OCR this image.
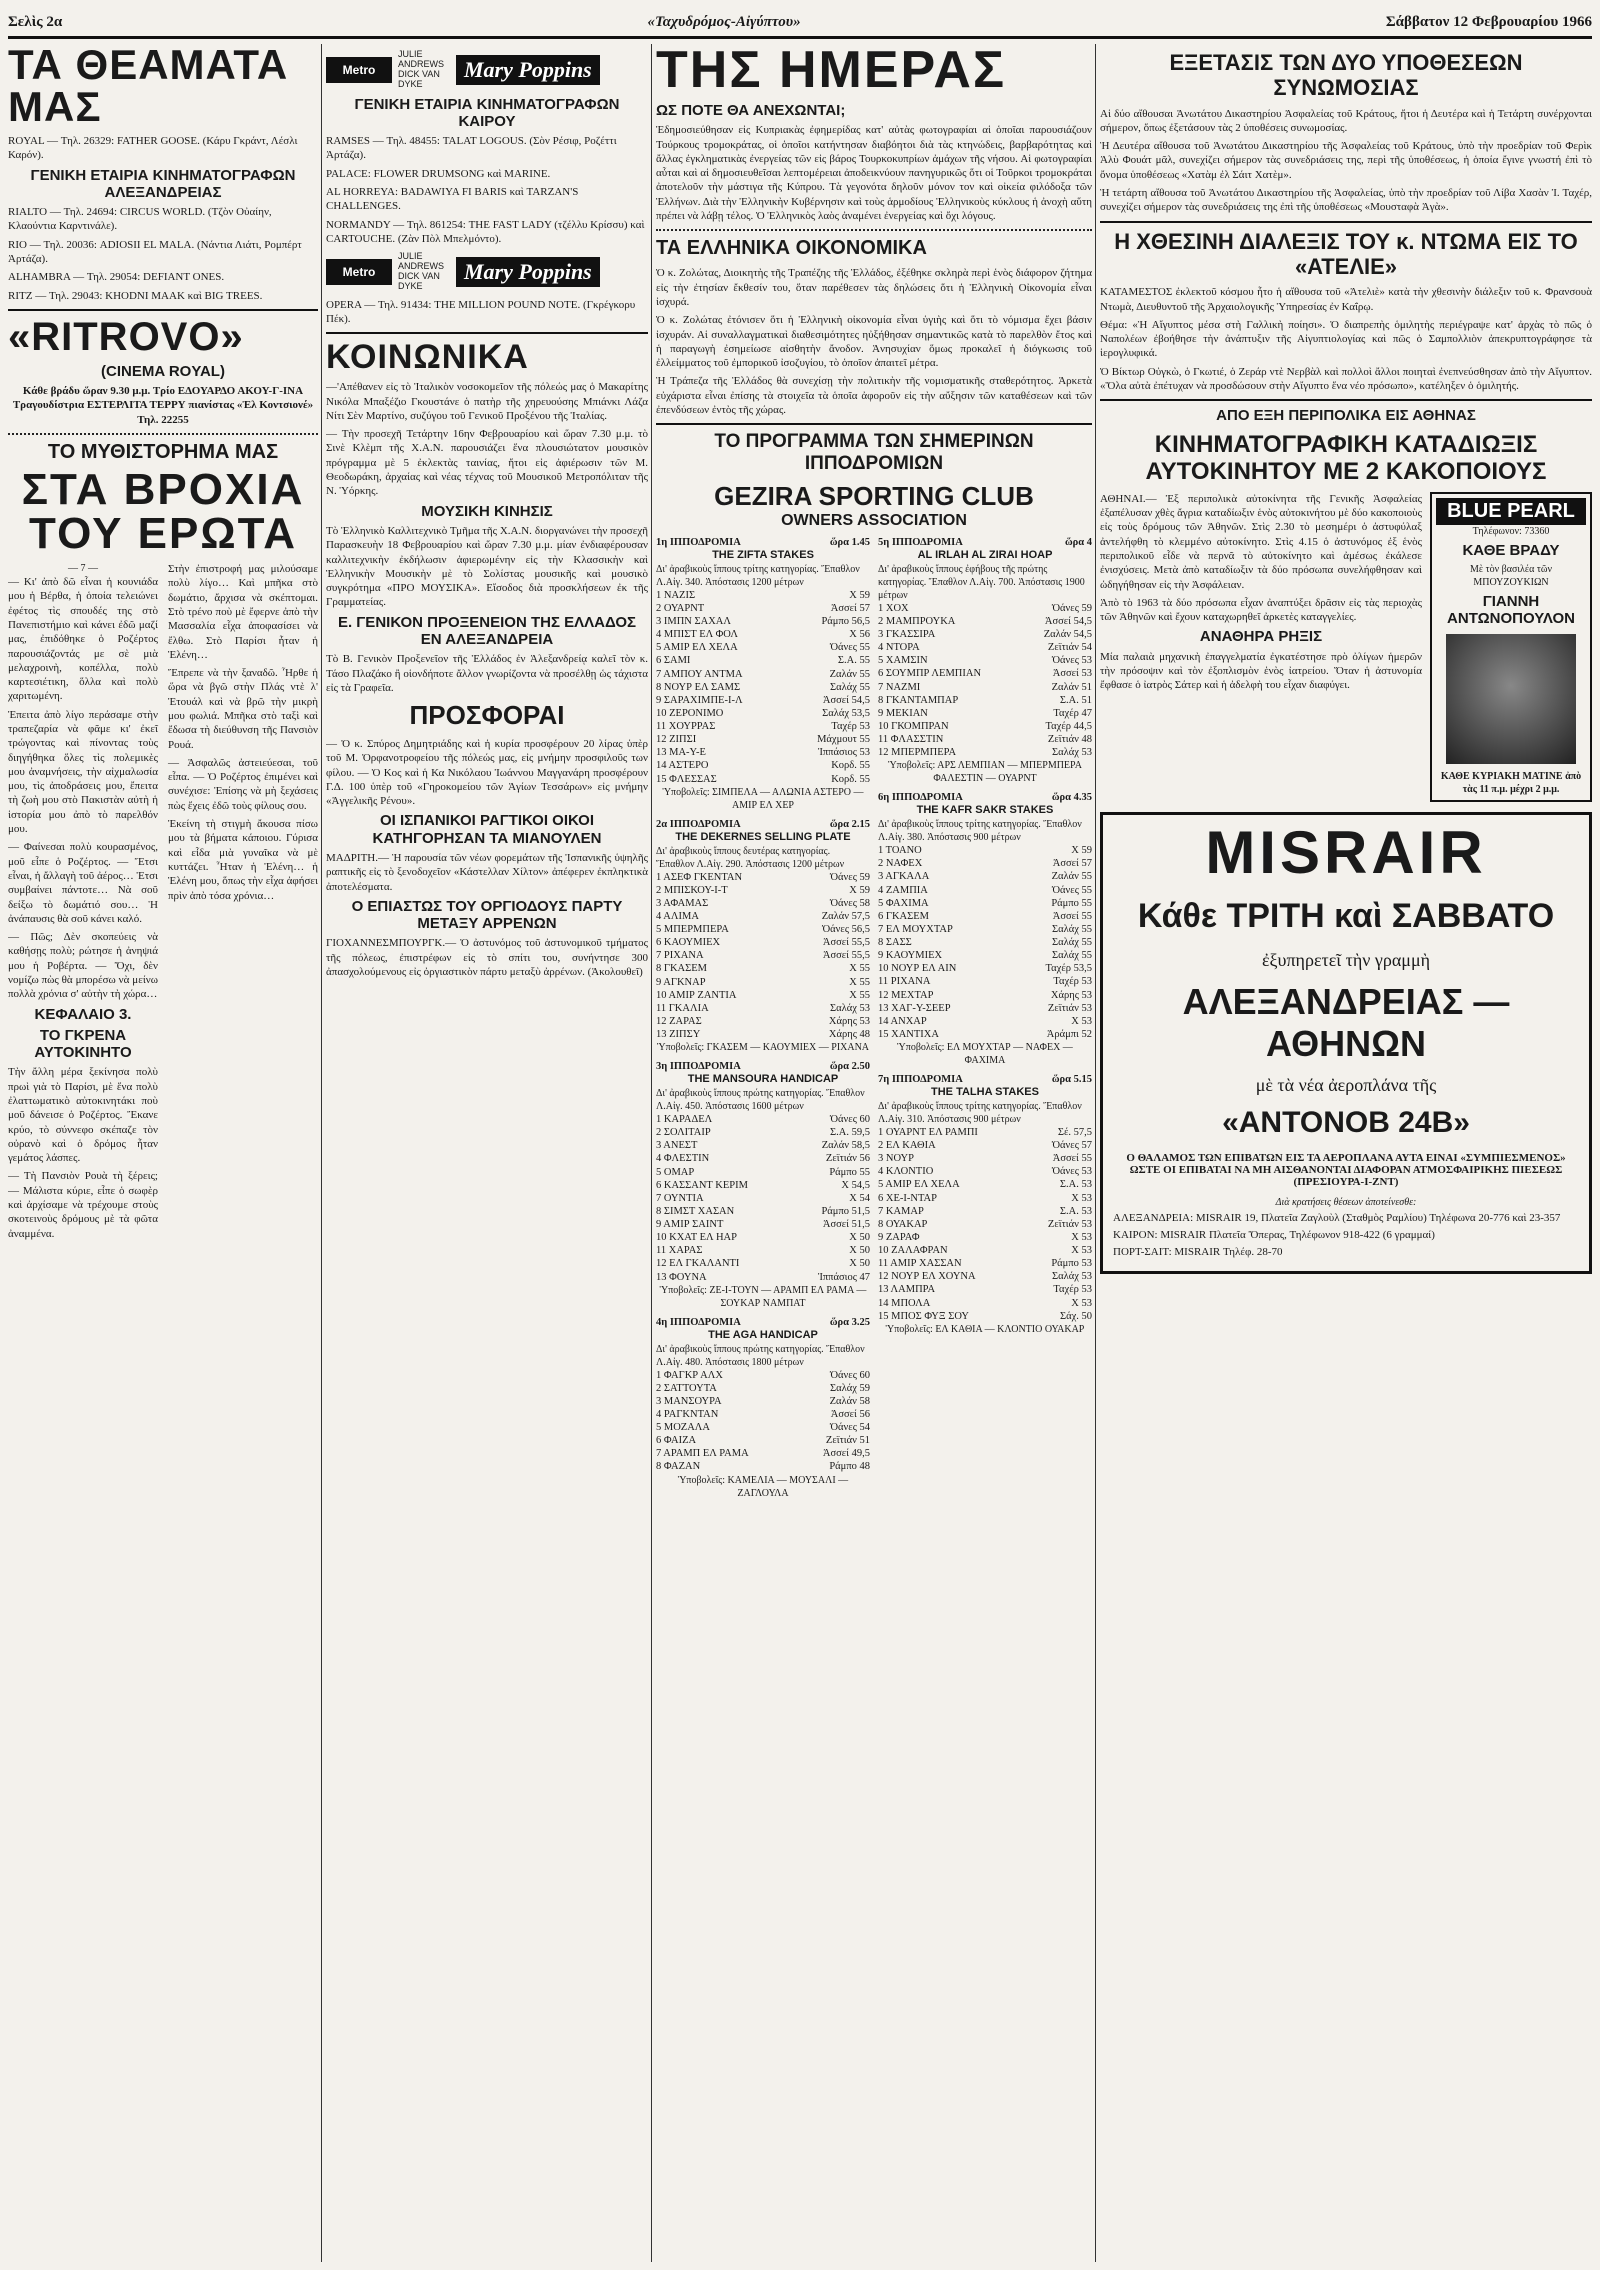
Σελὶς 2α	«Ταχυδρόμος-Αἰγύπτου»	Σάββατον 12 Φεβρουαρίου 1966
ΤΑ ΘΕΑΜΑΤΑ ΜΑΣ
ROYAL — Τηλ. 26329: FATHER GOOSE. (Κάρυ Γκράντ, Λέσλι Καρόν).
ΓΕΝΙΚΗ ΕΤΑΙΡΙΑ ΚΙΝΗΜΑΤΟΓΡΑΦΩΝ ΑΛΕΞΑΝΔΡΕΙΑΣ
RIALTO — Τηλ. 24694: CIRCUS WORLD. (Τζὸν Οὐαίην, Κλαούντια Καρντινάλε).
RIO — Τηλ. 20036: ADIOSII EL MALA. (Νάντια Λιάτι, Ρομπέρτ Ἀρτάζα).
ALHAMBRA — Τηλ. 29054: DEFIANT ONES.
RITZ — Τηλ. 29043: KHODNI MAAK καὶ BIG TREES.
«RITROVO»
(CINEMA ROYAL)
Κάθε βράδυ ὥραν 9.30 μ.μ. Τρίο ΕΔΟΥΑΡΔΟ ΑΚΟΥ-Γ-ΙΝΑ Τραγουδίστρια ΕΣΤΕΡΛΙΤΑ ΤΕΡΡΥ πιανίστας «Ἐλ Κοντσιονέ» Τηλ. 22255
ΤΟ ΜΥΘΙΣΤΟΡΗΜΑ ΜΑΣ
ΣΤΑ ΒΡΟΧΙΑ ΤΟΥ ΕΡΩΤΑ
— 7 —

— Κι' ἀπὸ δῶ εἶναι ἡ κουνιάδα μου ἡ Βέρθα, ἡ ὁποία τελειώνει ἐφέτος τὶς σπουδές της στὸ Πανεπιστήμιο καὶ κάνει ἐδῶ μαζί μας, ἐπιδόθηκε ὁ Ροζέρτος παρουσιάζοντάς με σὲ μιὰ μελαχροινὴ, κοπέλλα, πολὺ καρτεσιέτικη, ὅλλα καὶ πολὺ χαριτωμένη.

Ἐπειτα ἀπὸ λίγο περάσαμε στὴν τραπεζαρία νὰ φᾶμε κι' ἐκεῖ τρώγοντας καὶ πίνοντας τοὺς διηγήθηκα ὅλες τὶς πολεμικὲς μου ἀναμνήσεις, τὴν αἰχμαλωσία μου, τὶς ἀποδράσεις μου, ἔπειτα τὴ ζωὴ μου στὸ Πακιστὰν αὐτὴ ἡ ἱστορία μου ἀπὸ τὸ παρελθόν μου.

— Φαίνεσαι πολὺ κουρασμένος, μοῦ εἶπε ὁ Ροζέρτος. — Ἔτσι εἶναι, ἡ ἄλλαγὴ τοῦ ἀέρος… Ἐτσι συμβαίνει πάντοτε… Νὰ σοῦ δείξω τὸ δωμάτιό σου… Ἡ ἀνάπαυσις θὰ σοῦ κάνει καλό.

— Πῶς; Δὲν σκοπεύεις νὰ καθήσῃς πολὺ; ρώτησε ἡ ἀνηψιά μου ἡ Ροβέρτα. — Ὄχι, δὲν νομίζω πὼς θὰ μπορέσω νὰ μείνω πολλὰ χρόνια σ' αὐτὴν τὴ χώρα…

ΚΕΦΑΛΑΙΟ 3.
ΤΟ ΓΚΡΕΝΑ ΑΥΤΟΚΙΝΗΤΟ

Τὴν ἄλλη μέρα ξεκίνησα πολὺ πρωὶ γιὰ τὸ Παρίσι, μὲ ἕνα πολὺ ἐλαττωματικὸ αὐτοκινητάκι ποὺ μοῦ δάνεισε ὁ Ροζέρτος. Ἔκανε κρύο, τὸ σύννεφο σκέπαζε τὸν οὐρανὸ καὶ ὁ δρόμος ἦταν γεμάτος λάσπες.

— Τὴ Πανσιὸν Ρουὰ τὴ ξέρεις; — Μάλιστα κύριε, εἶπε ὁ σωφὲρ καὶ ἀρχίσαμε νὰ τρέχουμε στοὺς σκοτεινοὺς δρόμους μὲ τὰ φῶτα ἀναμμένα.

Στὴν ἐπιστροφή μας μιλούσαμε πολὺ λίγο… Καὶ μπῆκα στὸ δωμάτιο, ἄρχισα νὰ σκέπτομαι. Στὸ τρένο ποὺ μὲ ἔφερνε ἀπὸ τὴν Μασσαλία εἶχα ἀποφασίσει νὰ ἔλθω. Στὸ Παρίσι ἦταν ἡ Ἑλένη…

Ἔπρεπε νὰ τὴν ξαναδῶ. Ἦρθε ἡ ὥρα νὰ βγῶ στὴν Πλάς ντὲ λ' Ἐτουάλ καὶ νὰ βρῶ τὴν μικρὴ μου φωλιά. Μπῆκα στὸ ταξὶ καὶ ἔδωσα τὴ διεύθυνση τῆς Πανσιὸν Ρουά.

— Ἀσφαλῶς ἀστειεύεσαι, τοῦ εἶπα. — Ὁ Ροζέρτος ἐπιμένει καὶ συνέχισε: Ἐπίσης νὰ μὴ ξεχάσεις πὼς ἔχεις ἐδῶ τοὺς φίλους σου.

Ἐκείνη τὴ στιγμὴ ἄκουσα πίσω μου τὰ βήματα κάποιου. Γύρισα καὶ εἶδα μιὰ γυναῖκα νὰ μὲ κυττάζει. Ἦταν ἡ Ἑλένη… ἡ Ἑλένη μου, ὅπως τὴν εἶχα ἀφήσει πρὶν ἀπὸ τόσα χρόνια…

Metro
JULIE ANDREWS DICK VAN DYKE
Mary Poppins
ΓΕΝΙΚΗ ΕΤΑΙΡΙΑ ΚΙΝΗΜΑΤΟΓΡΑΦΩΝ ΚΑΙΡΟΥ
RAMSES — Τηλ. 48455: TALAT LOGOUS. (Σὸν Ρέσιφ, Ροζέττι Ἀρτάζα).
PALACE: FLOWER DRUMSONG καὶ MARINE.
AL HORREYA: BADAWIYA FI BARIS καὶ TARZAN'S CHALLENGES.
NORMANDY — Τηλ. 861254: THE FAST LADY (τζέλλυ Κρίσσυ) καὶ CARTOUCHE. (Ζὰν Πὸλ Μπελμόντο).
Metro
JULIE ANDREWS DICK VAN DYKE
Mary Poppins
OPERA — Τηλ. 91434: THE MILLION POUND NOTE. (Γκρέγκορυ Πέκ).
ΚΟΙΝΩΝΙΚΑ

—'Απέθανεν εἰς τὸ Ἰταλικὸν νοσοκομεῖον τῆς πόλεώς μας ὁ Μακαρίτης Νικόλα Μπαξέζιο Γκουστάνε ὁ πατὴρ τῆς χηρευούσης Μπιάνκι Λάζα Νίτι Σὲν Μαρτίνο, συζύγου τοῦ Γενικοῦ Προξένου τῆς Ἰταλίας.

— Τὴν προσεχῆ Τετάρτην 16ην Φεβρουαρίου καὶ ὥραν 7.30 μ.μ. τὸ Σινὲ Κλὲμπ τῆς Χ.Α.Ν. παρουσιάζει ἕνα πλουσιώτατον μουσικὸν πρόγραμμα μὲ 5 ἐκλεκτὰς ταινίας, ἤτοι εἰς ἀφιέρωσιν τῶν Μ. Θεοδωράκη, ἀρχαίας καὶ νέας τέχνας τοῦ Μουσικοῦ Μετροπόλιταν τῆς Ν. Ὑόρκης.

ΜΟΥΣΙΚΗ ΚΙΝΗΣΙΣ

Τὸ Ἑλληνικὸ Καλλιτεχνικὸ Τμῆμα τῆς Χ.Α.Ν. διοργανώνει τὴν προσεχῆ Παρασκευὴν 18 Φεβρουαρίου καὶ ὥραν 7.30 μ.μ. μίαν ἐνδιαφέρουσαν καλλιτεχνικὴν ἐκδήλωσιν ἀφιερωμένην εἰς τὴν Κλασσικὴν καὶ Ἑλληνικὴν Μουσικὴν μὲ τὸ Σολίστας μουσικῆς καὶ μουσικὸ συγκρότημα «ΠΡΟ ΜΟΥΣΙΚΑ». Εἴσοδος διὰ προσκλήσεων ἐκ τῆς Γραμματείας.

Ε. ΓΕΝΙΚΟΝ ΠΡΟΞΕΝΕΙΟΝ ΤΗΣ ΕΛΛΑΔΟΣ ΕΝ ΑΛΕΞΑΝΔΡΕΙΑ

Τὸ Β. Γενικὸν Προξενεῖον τῆς Ἑλλάδος ἐν Ἀλεξανδρείᾳ καλεῖ τὸν κ. Τάσο Πλαζάκο ἢ οἱονδήποτε ἄλλον γνωρίζοντα νὰ προσέλθῃ ὡς τάχιστα εἰς τὰ Γραφεῖα.

ΠΡΟΣΦΟΡΑΙ

— Ὁ κ. Σπύρος Δημητριάδης καὶ ἡ κυρία προσφέρουν 20 λίρας ὑπὲρ τοῦ Μ. Ὀρφανοτροφείου τῆς πόλεώς μας, εἰς μνήμην προσφιλοῦς των φίλου. — Ὁ Κος καὶ ἡ Κα Νικόλαου Ἰωάννου Μαγγανάρη προσφέρουν Γ.Δ. 100 ὑπὲρ τοῦ «Γηροκομείου τῶν Ἀγίων Τεσσάρων» εἰς μνήμην «Ἀγγελικῆς Ρένου».

ΟΙ ΙΣΠΑΝΙΚΟΙ ΡΑΓΤΙΚΟΙ ΟΙΚΟΙ ΚΑΤΗΓΟΡΗΣΑΝ ΤΑ ΜΙΑΝΟΥΛΕΝ

ΜΑΔΡΙΤΗ.— Ἡ παρουσία τῶν νέων φορεμάτων τῆς Ἱσπανικῆς ὑψηλῆς ραπτικῆς εἰς τὸ ξενοδοχεῖον «Κάστελλαν Χίλτον» ἀπέφερεν ἐκπληκτικὰ ἀποτελέσματα.

Ο ΕΠΙΑΣΤΩΣ ΤΟΥ ΟΡΓΙΟΔΟΥΣ ΠΑΡΤΥ ΜΕΤΑΞΥ ΑΡΡΕΝΩΝ

ΓΙΟΧΑΝΝΕΣΜΠΟΥΡΓΚ.— Ὁ ἀστυνόμος τοῦ ἀστυνομικοῦ τμήματος τῆς πόλεως, ἐπιστρέφων εἰς τὸ σπίτι του, συνήντησε 300 ἀπασχολούμενους εἰς ὀργιαστικὸν πάρτυ μεταξὺ ἀρρένων. (Ἀκολουθεῖ)

ΤΗΣ ΗΜΕΡΑΣ
ΩΣ ΠΟΤΕ ΘΑ ΑΝΕΧΩΝΤΑΙ;

Ἐδημοσιεύθησαν εἰς Κυπριακὰς ἐφημερίδας κατ' αὐτὰς φωτογραφίαι αἱ ὁποῖαι παρουσιάζουν Τούρκους τρομοκράτας, οἱ ὁποῖοι κατήντησαν διαβόητοι διὰ τὰς κτηνώδεις, βαρβαρότητας καὶ ἄλλας ἐγκληματικὰς ἐνεργείας τῶν εἰς βάρος Τουρκοκυπρίων ἀμάχων τῆς νήσου. Αἱ φωτογραφίαι αὗται καὶ αἱ δημοσιευθεῖσαι λεπτομέρειαι ἀποδεικνύουν πανηγυρικῶς ὅτι οἱ Τοῦρκοι τρομοκράται ἀποτελοῦν τὴν μάστιγα τῆς Κύπρου. Τὰ γεγονότα δηλοῦν μόνον τον καὶ οἰκεία φιλόδοξα τῶν Ἑλλήνων. Διὰ τὴν Ἑλληνικὴν Κυβέρνησιν καὶ τοὺς ἁρμοδίους Ἑλληνικοὺς κύκλους ἡ ἀνοχὴ αὕτη πρέπει νὰ λάβῃ τέλος. Ὁ Ἑλληνικὸς λαὸς ἀναμένει ἐνεργείας καὶ ὄχι λόγους.

ΤΑ ΕΛΛΗΝΙΚΑ ΟΙΚΟΝΟΜΙΚΑ

Ὁ κ. Ζολώτας, Διοικητὴς τῆς Τραπέζης τῆς Ἑλλάδος, ἐξέθηκε σκληρὰ περὶ ἑνὸς διάφορον ζήτημα εἰς τὴν ἐτησίαν ἔκθεσίν του, ὅταν παρέθεσεν τὰς δηλώσεις ὅτι ἡ Ἑλληνικὴ Οἰκονομία εἶναι ἰσχυρά.

Ὁ κ. Ζολώτας ἐτόνισεν ὅτι ἡ Ἑλληνικὴ οἰκονομία εἶναι ὑγιὴς καὶ ὅτι τὸ νόμισμα ἔχει βάσιν ἰσχυράν. Αἱ συναλλαγματικαὶ διαθεσιμότητες ηὐξήθησαν σημαντικῶς κατὰ τὸ παρελθὸν ἔτος καὶ ἡ παραγωγὴ ἐσημείωσε αἰσθητὴν ἄνοδον. Ἀνησυχίαν ὅμως προκαλεῖ ἡ διόγκωσις τοῦ ἐλλείμματος τοῦ ἐμπορικοῦ ἰσοζυγίου, τὸ ὁποῖον ἀπαιτεῖ μέτρα.

Ἡ Τράπεζα τῆς Ἑλλάδος θὰ συνεχίσῃ τὴν πολιτικὴν τῆς νομισματικῆς σταθερότητος. Ἀρκετὰ εὐχάριστα εἶναι ἐπίσης τὰ στοιχεῖα τὰ ὁποῖα ἀφοροῦν εἰς τὴν αὔξησιν τῶν καταθέσεων καὶ τῶν ἐπενδύσεων ἐντὸς τῆς χώρας.

ΤΟ ΠΡΟΓΡΑΜΜΑ ΤΩΝ ΣΗΜΕΡΙΝΩΝ ΙΠΠΟΔΡΟΜΙΩΝ
GEZIRA SPORTING CLUB
OWNERS ASSOCIATION
1η ΙΠΠΟΔΡΟΜΙΑ	ὥρα 1.45
THE ZIFTA STAKES
Δι' ἀραβικοὺς ἵππους τρίτης κατηγορίας. Ἔπαθλον Λ.Αἰγ. 340. Ἀπόστασις 1200 μέτρων
1 ΝΑΖΙΣ	Χ 59
2 ΟΥΑΡΝΤ	Ἀσσεί 57
3 ΙΜΠΝ ΣΑΧΑΛ	Ράμπο 56,5
4 ΜΠΙΣΤ ΕΛ ΦΟΛ	Χ 56
5 ΑΜΙΡ ΕΛ ΧΕΛΑ	Ὀάνες 55
6 ΣΑΜΙ	Σ.Α. 55
7 ΑΜΠΟΥ ΑΝΤΜΑ	Ζαλάν 55
8 ΝΟΥΡ ΕΛ ΣΑΜΣ	Σαλάχ 55
9 ΣΑΡΑΧΙΜΠΕ-Ι-Λ	Ἀσσεί 54,5
10 ΖΕΡΟΝΙΜΟ	Σαλάχ 53,5
11 ΧΟΥΡΡΑΣ	Ταχέρ 53
12 ΖΙΠΣΙ	Μάχμουτ 55
13 ΜΑ-Υ-Ε	Ἰππάσιος 53
14 ΑΣΤΕΡΟ	Κορδ. 55
15 ΦΛΕΣΣΑΣ	Κορδ. 55
Ὑποβολεῖς: ΣΙΜΠΕΛΑ — ΑΛΩΝΙΑ ΑΣΤΕΡΟ — ΑΜΙΡ ΕΛ ΧΕΡ
2α ΙΠΠΟΔΡΟΜΙΑ	ὥρα 2.15
THE DEKERNES SELLING PLATE
Δι' ἀραβικοὺς ἵππους δευτέρας κατηγορίας. Ἔπαθλον Λ.Αἰγ. 290. Ἀπόστασις 1200 μέτρων
1 ΑΣΕΦ ΓΚΕΝΤΑΝ	Ὀάνες 59
2 ΜΠΙΣΚΟΥ-Ι-Τ	Χ 59
3 ΑΦΑΜΑΣ	Ὀάνες 58
4 ΑΛΙΜΑ	Ζαλάν 57,5
5 ΜΠΕΡΜΠΕΡΑ	Ὀάνες 56,5
6 ΚΑΟΥΜΙΕΧ	Ἀσσεί 55,5
7 ΡΙΧΑΝΑ	Ἀσσεί 55,5
8 ΓΚΑΣΕΜ	Χ 55
9 ΑΓΚΝΑΡ	Χ 55
10 ΑΜΙΡ ΖΑΝΤΙΑ	Χ 55
11 ΓΚΑΛΙΑ	Σαλάχ 53
12 ΖΑΡΑΣ	Χάρης 53
13 ΖΙΠΣΥ	Χάρης 48
Ὑποβολεῖς: ΓΚΑΣΕΜ — ΚΑΟΥΜΙΕΧ — ΡΙΧΑΝΑ
3η ΙΠΠΟΔΡΟΜΙΑ	ὥρα 2.50
THE MANSOURA HANDICAP
Δι' ἀραβικοὺς ἵππους πρώτης κατηγορίας. Ἔπαθλον Λ.Αἰγ. 450. Ἀπόστασις 1600 μέτρων
1 ΚΑΡΑΔΕΛ	Ὀάνες 60
2 ΣΟΛΙΤΑΙΡ	Σ.Α. 59,5
3 ΑΝΕΣΤ	Ζαλάν 58,5
4 ΦΛΕΣΤΙΝ	Ζεϊτιάν 56
5 ΟΜΑΡ	Ράμπο 55
6 ΚΑΣΣΑΝΤ ΚΕΡΙΜ	Χ 54,5
7 ΟΥΝΤΙΑ	Χ 54
8 ΣΙΜΣΤ ΧΑΣΑΝ	Ράμπο 51,5
9 ΑΜΙΡ ΣΑΙΝΤ	Ἀσσεί 51,5
10 ΚΧΑΤ ΕΛ ΗΑΡ	Χ 50
11 ΧΑΡΑΣ	Χ 50
12 ΕΛ ΓΚΑΛΑΝΤΙ	Χ 50
13 ΦΟΥΝΑ	Ἰππάσιος 47
Ὑποβολεῖς: ΖΕ-Ι-ΤΟΥΝ — ΑΡΑΜΠ ΕΛ ΡΑΜΑ — ΣΟΥΚΑΡ ΝΑΜΠΑΤ
4η ΙΠΠΟΔΡΟΜΙΑ	ὥρα 3.25
THE AGA HANDICAP
Δι' ἀραβικοὺς ἵππους πρώτης κατηγορίας. Ἔπαθλον Λ.Αἰγ. 480. Ἀπόστασις 1800 μέτρων
1 ΦΑΓΚΡ ΑΛΧ	Ὀάνες 60
2 ΣΑΤΤΟΥΤΑ	Σαλάχ 59
3 ΜΑΝΣΟΥΡΑ	Ζαλάν 58
4 ΡΑΓΚΝΤΑΝ	Ἀσσεί 56
5 ΜΟΖΑΛΑ	Ὀάνες 54
6 ΦΑΙΖΑ	Ζεϊτιάν 51
7 ΑΡΑΜΠ ΕΛ ΡΑΜΑ	Ἀσσεί 49,5
8 ΦΑΖΑΝ	Ράμπο 48
Ὑποβολεῖς: ΚΑΜΕΛΙΑ — ΜΟΥΣΑΛΙ — ΖΑΓΛΟΥΛΑ
5η ΙΠΠΟΔΡΟΜΙΑ	ὥρα 4
AL IRLAH AL ZIRAI HOAP
Δι' ἀραβικοὺς ἵππους ἐφήβους τῆς πρώτης κατηγορίας. Ἔπαθλον Λ.Αἰγ. 700. Ἀπόστασις 1900 μέτρων
1 ΧΟΧ	Ὀάνες 59
2 ΜΑΜΠΡΟΥΚΑ	Ἀσσεί 54,5
3 ΓΚΑΣΣΙΡΑ	Ζαλάν 54,5
4 ΝΤΟΡΑ	Ζεϊτιάν 54
5 ΧΑΜΣΙΝ	Ὀάνες 53
6 ΣΟΥΜΠΡ ΛΕΜΠΙΑΝ	Ἀσσεί 53
7 ΝΑΖΜΙ	Ζαλάν 51
8 ΓΚΑΝΤΑΜΠΑΡ	Σ.Α. 51
9 ΜΕΚΙΑΝ	Ταχέρ 47
10 ΓΚΟΜΠΡΑΝ	Ταχέρ 44,5
11 ΦΛΑΣΣΤΙΝ	Ζεϊτιάν 48
12 ΜΠΕΡΜΠΕΡΑ	Σαλάχ 53
Ὑποβολεῖς: ΑΡΣ ΛΕΜΠΙΑΝ — ΜΠΕΡΜΠΕΡΑ ΦΑΛΕΣΤΙΝ — ΟΥΑΡΝΤ
6η ΙΠΠΟΔΡΟΜΙΑ	ὥρα 4.35
THE KAFR SAKR STAKES
Δι' ἀραβικοὺς ἵππους τρίτης κατηγορίας. Ἔπαθλον Λ.Αἰγ. 380. Ἀπόστασις 900 μέτρων
1 ΤΟΑΝΟ	Χ 59
2 ΝΑΦΕΧ	Ἀσσεί 57
3 ΑΓΚΑΛΑ	Ζαλάν 55
4 ΖΑΜΠΙΑ	Ὀάνες 55
5 ΦΑΧΙΜΑ	Ράμπο 55
6 ΓΚΑΣΕΜ	Ἀσσεί 55
7 ΕΛ ΜΟΥΧΤΑΡ	Σαλάχ 55
8 ΣΑΣΣ	Σαλάχ 55
9 ΚΑΟΥΜΙΕΧ	Σαλάχ 55
10 ΝΟΥΡ ΕΛ ΑΙΝ	Ταχέρ 53,5
11 ΡΙΧΑΝΑ	Ταχέρ 53
12 ΜΕΧΤΑΡ	Χάρης 53
13 ΧΑΓ-Υ-ΣΕΕΡ	Ζεϊτιάν 53
14 ΑΝΧΑΡ	Χ 53
15 ΧΑΝΤΙΧΑ	Ἀράμπι 52
Ὑποβολεῖς: ΕΛ ΜΟΥΧΤΑΡ — ΝΑΦΕΧ — ΦΑΧΙΜΑ
7η ΙΠΠΟΔΡΟΜΙΑ	ὥρα 5.15
THE TALHA STAKES
Δι' ἀραβικοὺς ἵππους τρίτης κατηγορίας. Ἔπαθλον Λ.Αἰγ. 310. Ἀπόστασις 900 μέτρων
1 ΟΥΑΡΝΤ ΕΛ ΡΑΜΠΙ	Σέ. 57,5
2 ΕΛ ΚΑΘΙΑ	Ὀάνες 57
3 ΝΟΥΡ	Ἀσσεί 55
4 ΚΛΟΝΤΙΟ	Ὀάνες 53
5 ΑΜΙΡ ΕΛ ΧΕΛΑ	Σ.Α. 53
6 ΧΕ-Ι-ΝΤΑΡ	Χ 53
7 ΚΑΜΑΡ	Σ.Α. 53
8 ΟΥΑΚΑΡ	Ζεϊτιάν 53
9 ΖΑΡΑΦ	Χ 53
10 ΖΑΛΑΦΡΑΝ	Χ 53
11 ΑΜΙΡ ΧΑΣΣΑΝ	Ράμπο 53
12 ΝΟΥΡ ΕΛ ΧΟΥΝΑ	Σαλάχ 53
13 ΛΑΜΠΡΑ	Ταχέρ 53
14 ΜΠΟΛΑ	Χ 53
15 ΜΠΟΣ ΦΥΞ ΣΟΥ	Σάχ. 50
Ὑποβολεῖς: ΕΛ ΚΑΘΙΑ — ΚΛΟΝΤΙΟ ΟΥΑΚΑΡ
ΕΞΕΤΑΣΙΣ ΤΩΝ ΔΥΟ ΥΠΟΘΕΣΕΩΝ ΣΥΝΩΜΟΣΙΑΣ

Αἱ δύο αἴθουσαι Ἀνωτάτου Δικαστηρίου Ἀσφαλείας τοῦ Κράτους, ἤτοι ἡ Δευτέρα καὶ ἡ Τετάρτη συνέρχονται σήμερον, ὅπως ἐξετάσουν τὰς 2 ὑποθέσεις συνωμοσίας.

Ἡ Δευτέρα αἴθουσα τοῦ Ἀνωτάτου Δικαστηρίου τῆς Ἀσφαλείας τοῦ Κράτους, ὑπὸ τὴν προεδρίαν τοῦ Φερὶκ Ἀλὺ Φουάτ μᾶλ, συνεχίζει σήμερον τὰς συνεδριάσεις της, περὶ τῆς ὑποθέσεως, ἡ ὁποία ἔγινε γνωστή ἐπὶ τὸ ὄνομα ὑποθέσεως «Χατὰμ ἐλ Σάιτ Χατὲμ».

Ἡ τετάρτη αἴθουσα τοῦ Ἀνωτάτου Δικαστηρίου τῆς Ἀσφαλείας, ὑπὸ τὴν προεδρίαν τοῦ Λίβα Χασὰν Ἰ. Ταχέρ, συνεχίζει σήμερον τὰς συνεδριάσεις της ἐπὶ τῆς ὑποθέσεως «Μουσταφὰ Ἀγὰ».

Η ΧΘΕΣΙΝΗ ΔΙΑΛΕΞΙΣ ΤΟΥ κ. ΝΤΩΜΑ ΕΙΣ ΤΟ «ΑΤΕΛΙΕ»

ΚΑΤΑΜΕΣΤΟΣ ἐκλεκτοῦ κόσμου ἦτο ἡ αἴθουσα τοῦ «Ἀτελιὲ» κατὰ τὴν χθεσινὴν διάλεξιν τοῦ κ. Φρανσουὰ Ντωμὰ, Διευθυντοῦ τῆς Ἀρχαιολογικῆς Ὑπηρεσίας ἐν Καΐρῳ.

Θέμα: «Ἡ Αἴγυπτος μέσα στὴ Γαλλικὴ ποίησι». Ὁ διαπρεπὴς ὁμιλητὴς περιέγραψε κατ' ἀρχὰς τὸ πῶς ὁ Ναπολέων ἐβοήθησε τὴν ἀνάπτυξιν τῆς Αἰγυπτιολογίας καὶ πῶς ὁ Σαμπολλιὸν ἀπεκρυπτογράφησε τὰ ἱερογλυφικά.

Ὁ Βίκτωρ Οὐγκὼ, ὁ Γκωτιέ, ὁ Ζεράρ ντὲ Νερβὰλ καὶ πολλοὶ ἄλλοι ποιηταὶ ἐνεπνεύσθησαν ἀπὸ τὴν Αἴγυπτον. «Ὅλα αὐτὰ ἐπέτυχαν νὰ προσδώσουν στὴν Αἴγυπτο ἕνα νέο πρόσωπο», κατέληξεν ὁ ὁμιλητής.

ΑΠΟ ΕΞΗ ΠΕΡΙΠΟΛΙΚΑ ΕΙΣ ΑΘΗΝΑΣ
ΚΙΝΗΜΑΤΟΓΡΑΦΙΚΗ ΚΑΤΑΔΙΩΞΙΣ ΑΥΤΟΚΙΝΗΤΟΥ ΜΕ 2 ΚΑΚΟΠΟΙΟΥΣ

ΑΘΗΝΑΙ.— Ἐξ περιπολικὰ αὐτοκίνητα τῆς Γενικῆς Ἀσφαλείας ἐξαπέλυσαν χθὲς ἄγρια καταδίωξιν ἑνὸς αὐτοκινήτου μὲ δύο κακοποιοὺς εἰς τοὺς δρόμους τῶν Ἀθηνῶν. Στὶς 2.30 τὸ μεσημέρι ὁ ἀστυφύλαξ ἀντελήφθη τὸ κλεμμένο αὐτοκίνητο. Στὶς 4.15 ὁ ἀστυνόμος ἐξ ἑνὸς περιπολικοῦ εἶδε νὰ περνᾶ τὸ αὐτοκίνητο καὶ ἀμέσως ἐκάλεσε ἐνισχύσεις. Μετὰ ἀπὸ καταδίωξιν τὰ δύο πρόσωπα συνελήφθησαν καὶ ὡδηγήθησαν εἰς τὴν Ἀσφάλειαν.

Ἀπὸ τὸ 1963 τὰ δύο πρόσωπα εἶχαν ἀναπτύξει δρᾶσιν εἰς τὰς περιοχὰς τῶν Ἀθηνῶν καὶ ἔχουν καταχωρηθεῖ ἀρκετὲς καταγγελίες.

ΑΝΑΘΗΡΑ ΡΗΞΙΣ

Μία παλαιὰ μηχανικὴ ἐπαγγελματία ἐγκατέστησε πρὸ ὀλίγων ἡμερῶν τὴν πρόσοψιν καὶ τὸν ἐξοπλισμὸν ἑνὸς ἰατρείου. Ὅταν ἡ ἀστυνομία ἔφθασε ὁ ἰατρὸς Σάτερ καὶ ἡ ἀδελφὴ του εἶχαν διαφύγει.

BLUE PEARL
Τηλέφωνον: 73360
ΚΑΘΕ ΒΡΑΔΥ
Μὲ τὸν βασιλέα τῶν ΜΠΟΥΖΟΥΚΙΩΝ
ΓΙΑΝΝΗ ΑΝΤΩΝΟΠΟΥΛΟΝ
ΚΑΘΕ ΚΥΡΙΑΚΗ ΜΑΤΙΝΕ ἀπὸ τὰς 11 π.μ. μέχρι 2 μ.μ.
MISRAIR
Κάθε ΤΡΙΤΗ καὶ ΣΑΒΒΑΤΟ
ἐξυπηρετεῖ τὴν γραμμὴ
ΑΛΕΞΑΝΔΡΕΙΑΣ — ΑΘΗΝΩΝ
μὲ τὰ νέα ἀεροπλάνα τῆς
«ΑΝΤΟΝΟΒ 24Β»
Ο ΘΑΛΑΜΟΣ ΤΩΝ ΕΠΙΒΑΤΩΝ ΕΙΣ ΤΑ ΑΕΡΟΠΛΑΝΑ ΑΥΤΑ ΕΙΝΑΙ «ΣΥΜΠΙΕΣΜΕΝΟΣ» ΩΣΤΕ ΟΙ ΕΠΙΒΑΤΑΙ ΝΑ ΜΗ ΑΙΣΘΑΝΟΝΤΑΙ ΔΙΑΦΟΡΑΝ ΑΤΜΟΣΦΑΙΡΙΚΗΣ ΠΙΕΣΕΩΣ (ΠΡΕΣΙΟΥΡΑ-Ι-ΖΝΤ)
Διὰ κρατήσεις θέσεων ἀποτείνεσθε:
ΑΛΕΞΑΝΔΡΕΙΑ: MISRAIR 19, Πλατεῖα Ζαγλοὺλ (Σταθμὸς Ραμλίου) Τηλέφωνα 20-776 καὶ 23-357
ΚΑΙΡΟΝ: MISRAIR Πλατεῖα Ὄπερας, Τηλέφωνον 918-422 (6 γραμμαί)
ΠΟΡΤ-ΣΑΙΤ: MISRAIR Τηλέφ. 28-70
